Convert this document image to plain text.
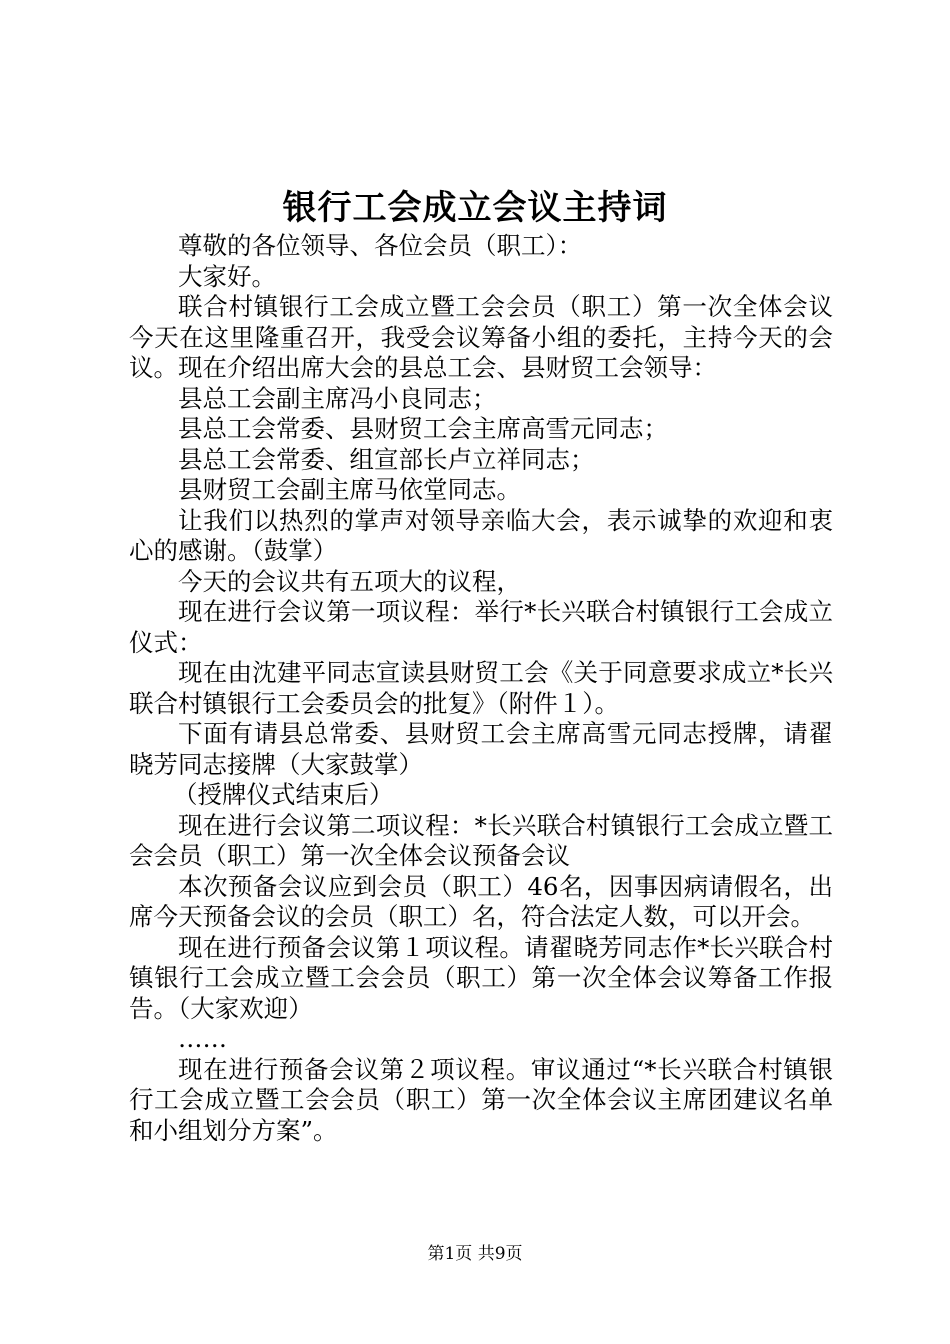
银行工会成立会议主持词

尊敬的各位领导、各位会员（职工）：

大家好。

联合村镇银行工会成立暨工会会员（职工）第一次全体会议今天在这里隆重召开，我受会议筹备小组的委托，主持今天的会议。现在介绍出席大会的县总工会、县财贸工会领导：

县总工会副主席冯小良同志；

县总工会常委、县财贸工会主席高雪元同志；

县总工会常委、组宣部长卢立祥同志；

县财贸工会副主席马依堂同志。

让我们以热烈的掌声对领导亲临大会，表示诚挚的欢迎和衷心的感谢。（鼓掌）

今天的会议共有五项大的议程，

现在进行会议第一项议程：举行*长兴联合村镇银行工会成立仪式：

现在由沈建平同志宣读县财贸工会《关于同意要求成立*长兴联合村镇银行工会委员会的批复》（附件１）。

下面有请县总常委、县财贸工会主席高雪元同志授牌，请翟晓芳同志接牌（大家鼓掌）

（授牌仪式结束后）

现在进行会议第二项议程：*长兴联合村镇银行工会成立暨工会会员（职工）第一次全体会议预备会议

本次预备会议应到会员（职工）46名，因事因病请假名，出席今天预备会议的会员（职工）名，符合法定人数，可以开会。

现在进行预备会议第１项议程。请翟晓芳同志作*长兴联合村镇银行工会成立暨工会会员（职工）第一次全体会议筹备工作报告。（大家欢迎）

……

现在进行预备会议第２项议程。审议通过“*长兴联合村镇银行工会成立暨工会会员（职工）第一次全体会议主席团建议名单和小组划分方案”。

第1页 共9页
